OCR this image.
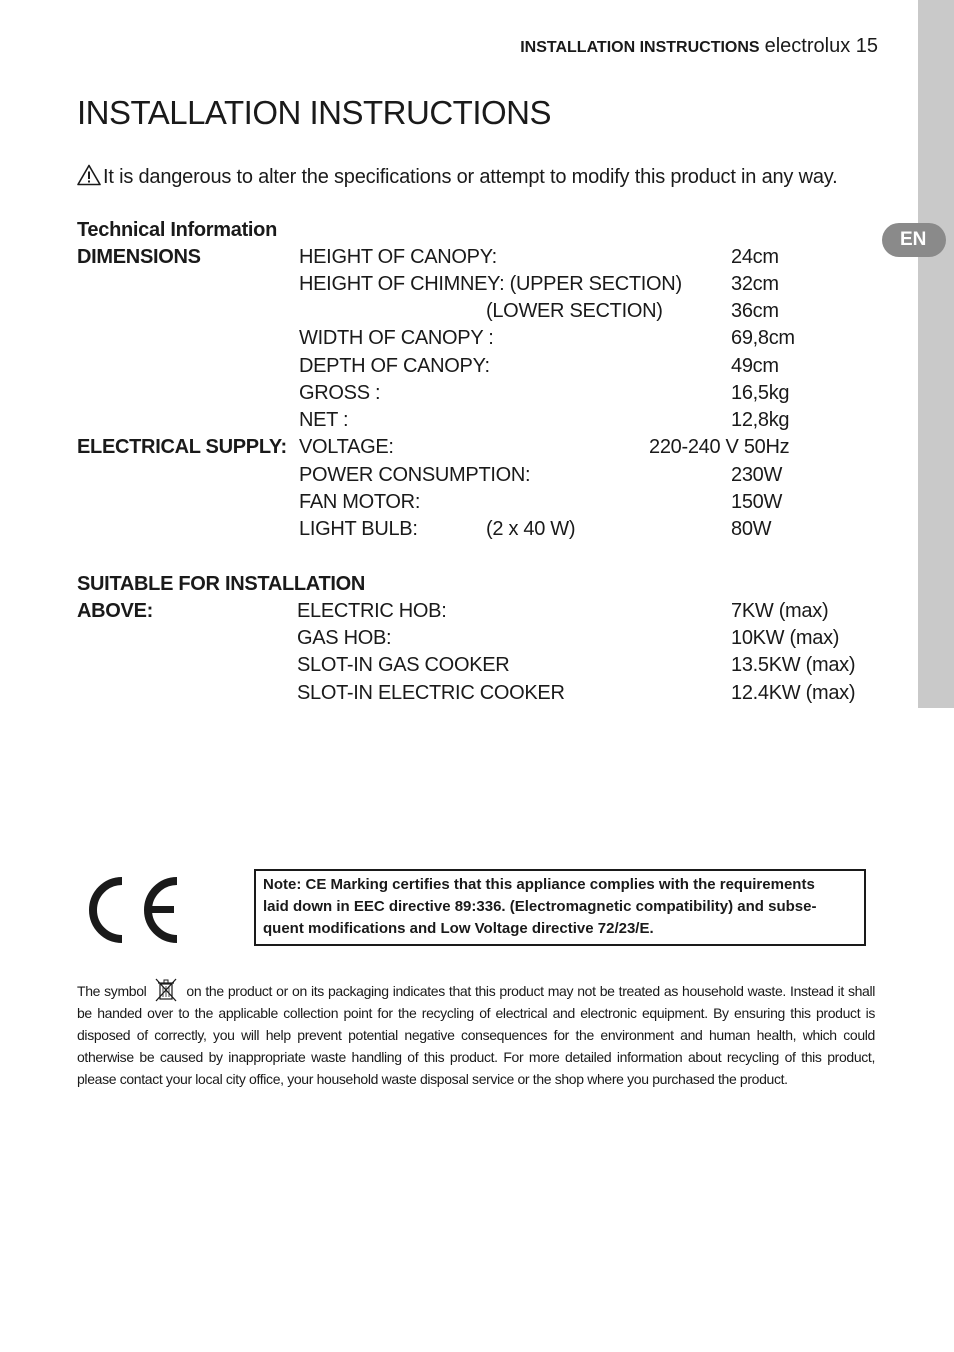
EN
INSTALLATION INSTRUCTIONS electrolux 15
INSTALLATION INSTRUCTIONS
It is dangerous to alter the specifications or attempt to modify this product in any way.
Technical Information
DIMENSIONS	HEIGHT OF CANOPY:	24cm
HEIGHT OF CHIMNEY: (UPPER SECTION) 32cm
(LOWER SECTION)	36cm
WIDTH OF CANOPY :	69,8cm
DEPTH OF CANOPY:	49cm
GROSS :	16,5kg
NET :	12,8kg
ELECTRICAL SUPPLY: VOLTAGE:	220-240 V 50Hz
POWER CONSUMPTION:	230W
FAN MOTOR:	150W
LIGHT BULB:	(2 x 40 W)	80W
SUITABLE FOR INSTALLATION
ABOVE:	ELECTRIC HOB:	7KW (max)
GAS HOB:	10KW (max)
SLOT-IN GAS COOKER	13.5KW (max)
SLOT-IN ELECTRIC COOKER	12.4KW (max)
Note: CE Marking certifies that this appliance complies with the requirements
laid down in EEC directive 89:336. (Electromagnetic compatibility) and subse-
quent modifications and Low Voltage directive 72/23/E.
The symbol	on the product or on its packaging indicates that this product may not be treated as household waste. Instead it shall be handed over to the applicable collection point for the recycling of electrical and electronic equipment. By ensuring this product is disposed of correctly, you will help prevent potential negative consequences for the environment and human health, which could otherwise be caused by inappropriate waste handling of this product. For more detailed information about recycling of this product, please contact your local city office, your household waste disposal service or the shop where you purchased the product.
